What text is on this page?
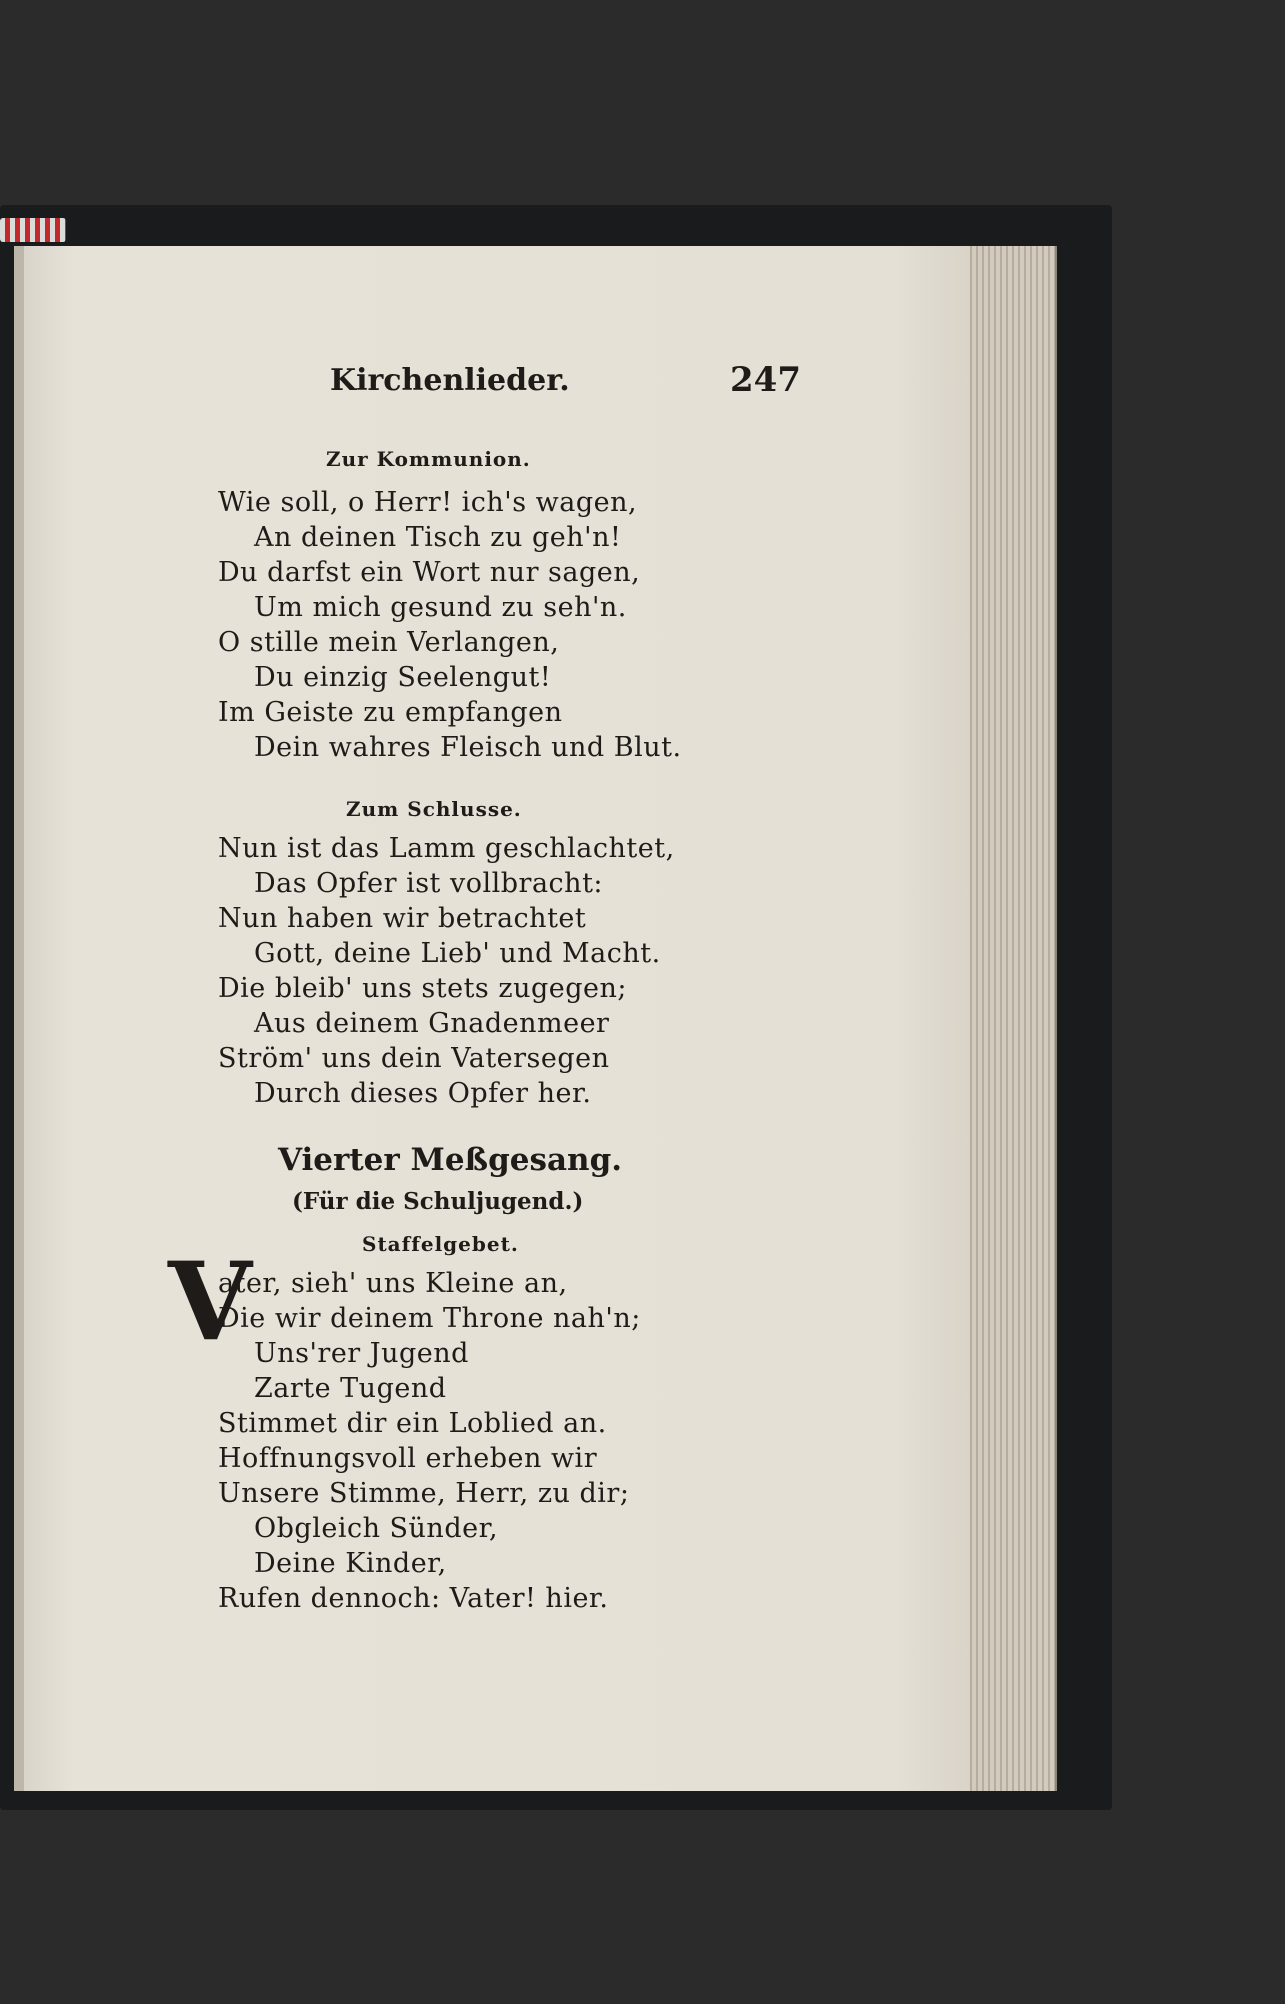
Kirchenlieder.	247
Zur Kommunion.
Wie soll, o Herr! ich's wagen,
An deinen Tisch zu geh'n!
Du darfst ein Wort nur sagen,
Um mich gesund zu seh'n.
O stille mein Verlangen,
Du einzig Seelengut!
Im Geiste zu empfangen
Dein wahres Fleisch und Blut.
Zum Schlusse.
Nun ist das Lamm geschlachtet,
Das Opfer ist vollbracht:
Nun haben wir betrachtet
Gott, deine Lieb' und Macht.
Die bleib' uns stets zugegen;
Aus deinem Gnadenmeer
Ström' uns dein Vatersegen
Durch dieses Opfer her.
Vierter Meßgesang.
(Für die Schuljugend.)
Staffelgebet.
V
ater, sieh' uns Kleine an,
Die wir deinem Throne nah'n;
Uns'rer Jugend
Zarte Tugend
Stimmet dir ein Loblied an.
Hoffnungsvoll erheben wir
Unsere Stimme, Herr, zu dir;
Obgleich Sünder,
Deine Kinder,
Rufen dennoch: Vater! hier.
